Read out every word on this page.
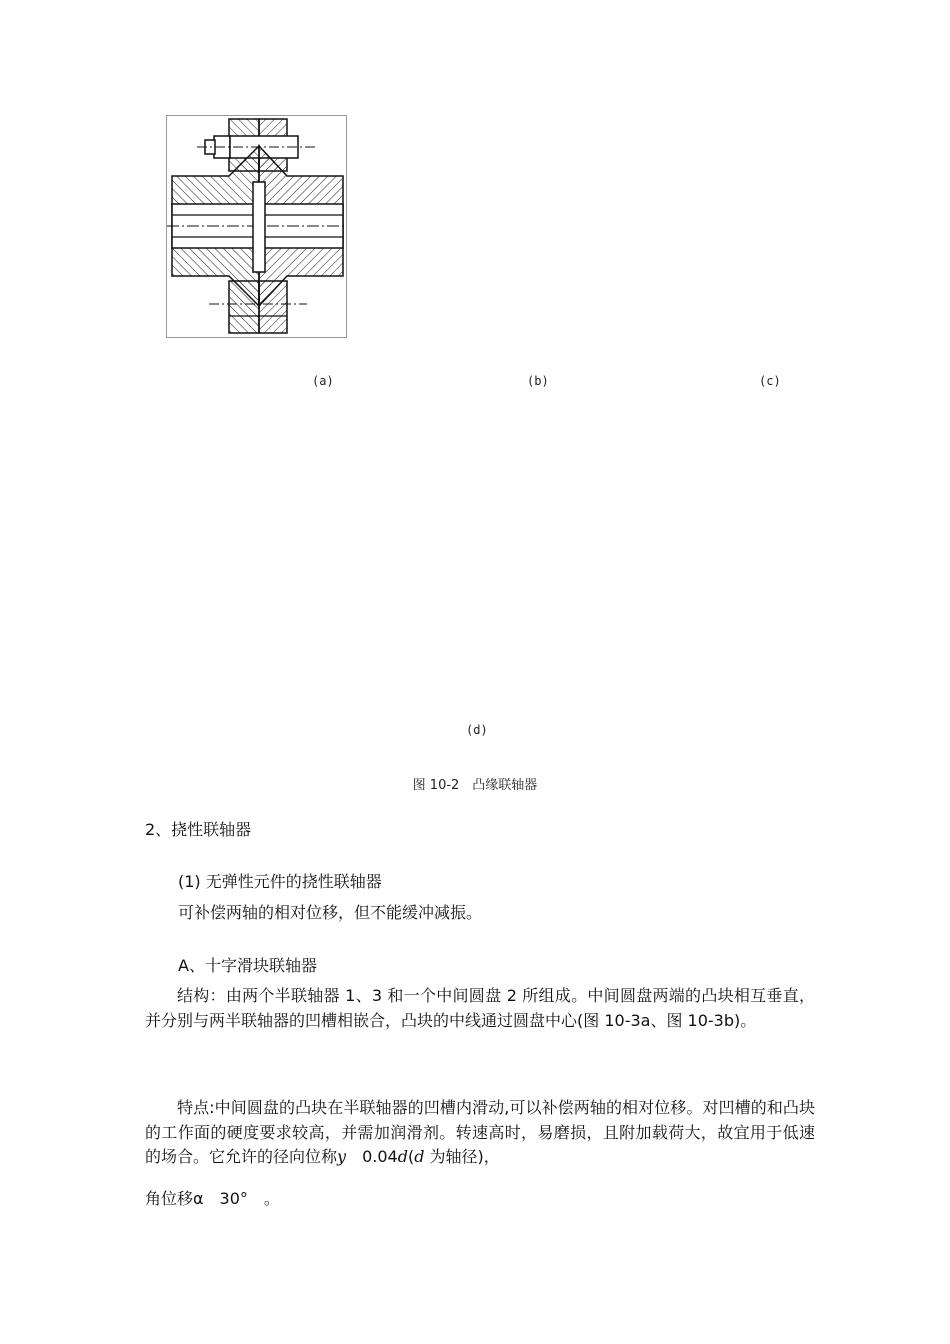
(a)	(b)	(c)
(d)
图 10-2　凸缘联轴器
2、挠性联轴器
(1) 无弹性元件的挠性联轴器
可补偿两轴的相对位移，但不能缓冲减振。
A、十字滑块联轴器

结构：由两个半联轴器 1、3 和一个中间圆盘 2 所组成。中间圆盘两端的凸块相互垂直，并分别与两半联轴器的凹槽相嵌合，凸块的中线通过圆盘中心(图 10-3a、图 10-3b)。

特点:中间圆盘的凸块在半联轴器的凹槽内滑动,可以补偿两轴的相对位移。对凹槽的和凸块的工作面的硬度要求较高，并需加润滑剂。转速高时，易磨损，且附加载荷大，故宜用于低速的场合。它允许的径向位称y　0.04d(d 为轴径)，

角位移α　30°　。
